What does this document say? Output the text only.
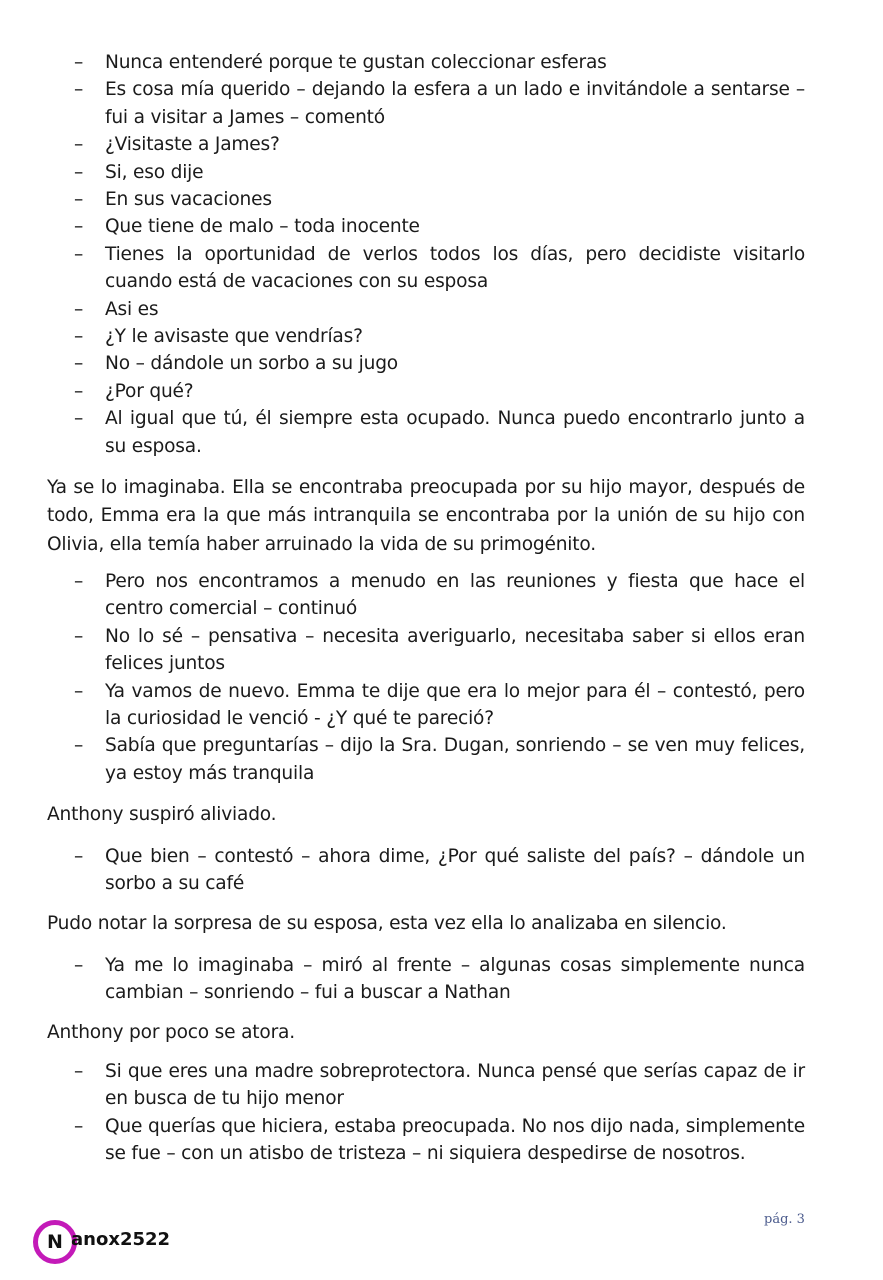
– Nunca entenderé porque te gustan coleccionar esferas

– Es cosa mía querido – dejando la esfera a un lado e invitándole a sentarse – fui a visitar a James – comentó

– ¿Visitaste a James?

– Si, eso dije

– En sus vacaciones

– Que tiene de malo – toda inocente

– Tienes la oportunidad de verlos todos los días, pero decidiste visitarlo cuando está de vacaciones con su esposa

– Asi es

– ¿Y le avisaste que vendrías?

– No – dándole un sorbo a su jugo

– ¿Por qué?

– Al igual que tú, él siempre esta ocupado. Nunca puedo encontrarlo junto a su esposa.

Ya se lo imaginaba. Ella se encontraba preocupada por su hijo mayor, después de todo, Emma era la que más intranquila se encontraba por la unión de su hijo con Olivia, ella temía haber arruinado la vida de su primogénito.

– Pero nos encontramos a menudo en las reuniones y fiesta que hace el centro comercial – continuó

– No lo sé – pensativa – necesita averiguarlo, necesitaba saber si ellos eran felices juntos

– Ya vamos de nuevo. Emma te dije que era lo mejor para él – contestó, pero la curiosidad le venció - ¿Y qué te pareció?

– Sabía que preguntarías – dijo la Sra. Dugan, sonriendo – se ven muy felices, ya estoy más tranquila

Anthony suspiró aliviado.

– Que bien – contestó – ahora dime, ¿Por qué saliste del país? – dándole un sorbo a su café

Pudo notar la sorpresa de su esposa, esta vez ella lo analizaba en silencio.

– Ya me lo imaginaba – miró al frente – algunas cosas simplemente nunca cambian – sonriendo – fui a buscar a Nathan

Anthony por poco se atora.

– Si que eres una madre sobreprotectora. Nunca pensé que serías capaz de ir en busca de tu hijo menor

– Que querías que hiciera, estaba preocupada. No nos dijo nada, simplemente se fue – con un atisbo de tristeza – ni siquiera despedirse de nosotros.

pág. 3
N anox2522
